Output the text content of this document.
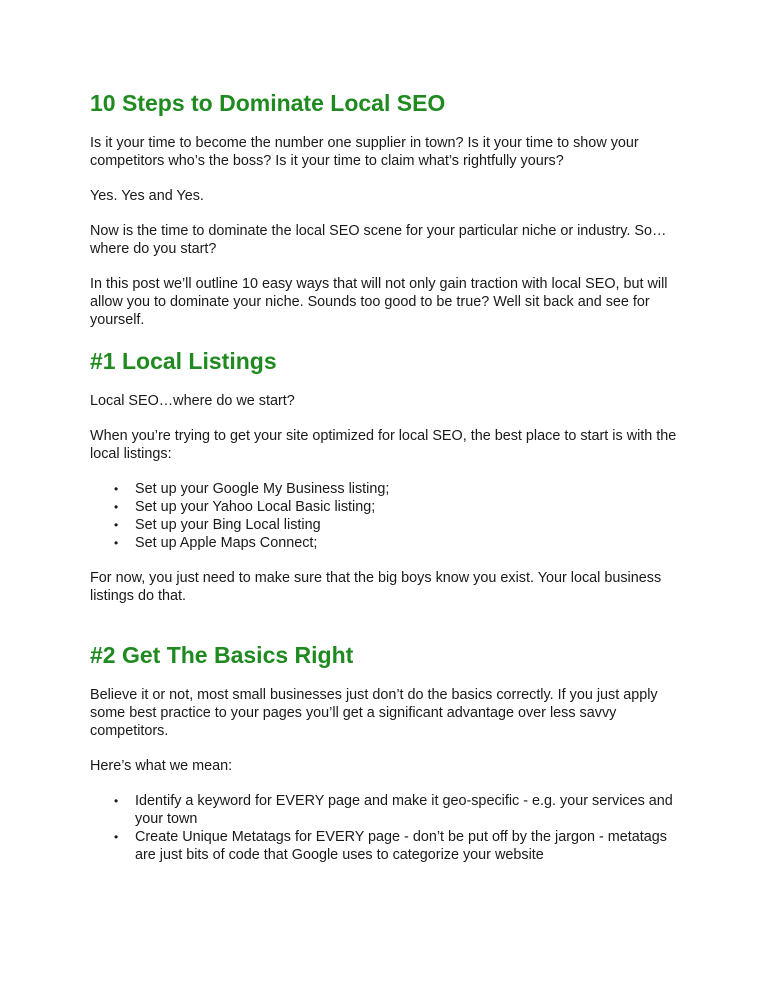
10 Steps to Dominate Local SEO

Is it your time to become the number one supplier in town? Is it your time to show your competitors who’s the boss? Is it your time to claim what’s rightfully yours?

Yes. Yes and Yes.

Now is the time to dominate the local SEO scene for your particular niche or industry. So…where do you start?

In this post we’ll outline 10 easy ways that will not only gain traction with local SEO, but will allow you to dominate your niche. Sounds too good to be true? Well sit back and see for yourself.

#1 Local Listings

Local SEO…where do we start?

When you’re trying to get your site optimized for local SEO, the best place to start is with the local listings:

• Set up your Google My Business listing;
• Set up your Yahoo Local Basic listing;
• Set up your Bing Local listing
• Set up Apple Maps Connect;

For now, you just need to make sure that the big boys know you exist. Your local business listings do that.

#2 Get The Basics Right

Believe it or not, most small businesses just don’t do the basics correctly. If you just apply some best practice to your pages you’ll get a significant advantage over less savvy competitors.

Here’s what we mean:

• Identify a keyword for EVERY page and make it geo-specific - e.g. your services and your town
• Create Unique Metatags for EVERY page - don’t be put off by the jargon - metatags are just bits of code that Google uses to categorize your website
